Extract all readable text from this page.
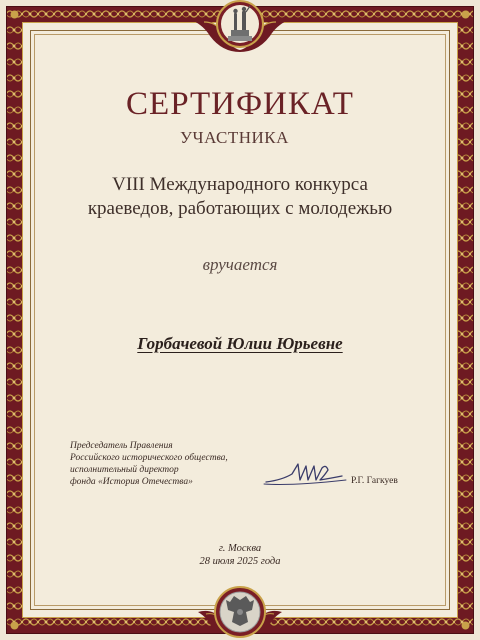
СЕРТИФИКАТ
УЧАСТНИКА
VIII Международного конкурса
краеведов, работающих с молодежью
вручается
Горбачевой Юлии Юрьевне
Председатель Правления
Российского исторического общества,
исполнительный директор
фонда «История Отечества»	Р.Г. Гагкуев
г. Москва
28 июля 2025 года
